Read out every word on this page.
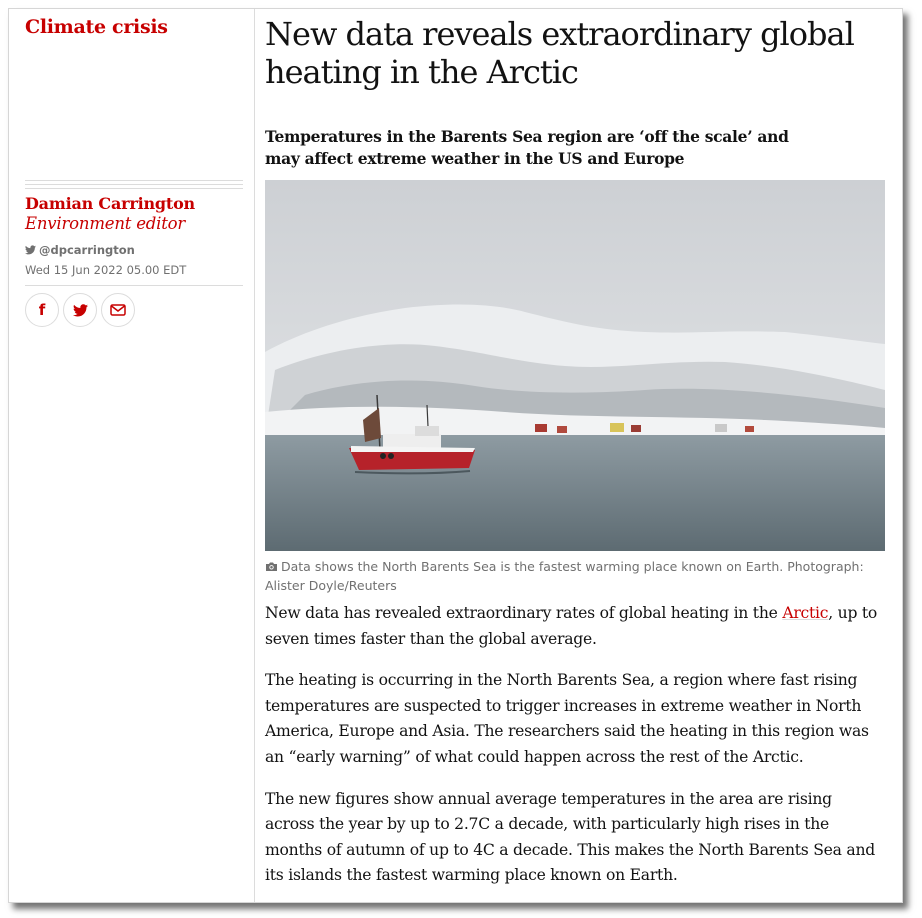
Climate crisis
Damian Carrington
Environment editor
@dpcarrington
Wed 15 Jun 2022 05.00 EDT
f
New data reveals extraordinary global heating in the Arctic
Temperatures in the Barents Sea region are ‘off the scale’ and may affect extreme weather in the US and Europe
Data shows the North Barents Sea is the fastest warming place known on Earth. Photograph: Alister Doyle/Reuters

New data has revealed extraordinary rates of global heating in the Arctic, up to seven times faster than the global average.

The heating is occurring in the North Barents Sea, a region where fast rising temperatures are suspected to trigger increases in extreme weather in North America, Europe and Asia. The researchers said the heating in this region was an “early warning” of what could happen across the rest of the Arctic.

The new figures show annual average temperatures in the area are rising across the year by up to 2.7C a decade, with particularly high rises in the months of autumn of up to 4C a decade. This makes the North Barents Sea and its islands the fastest warming place known on Earth.
